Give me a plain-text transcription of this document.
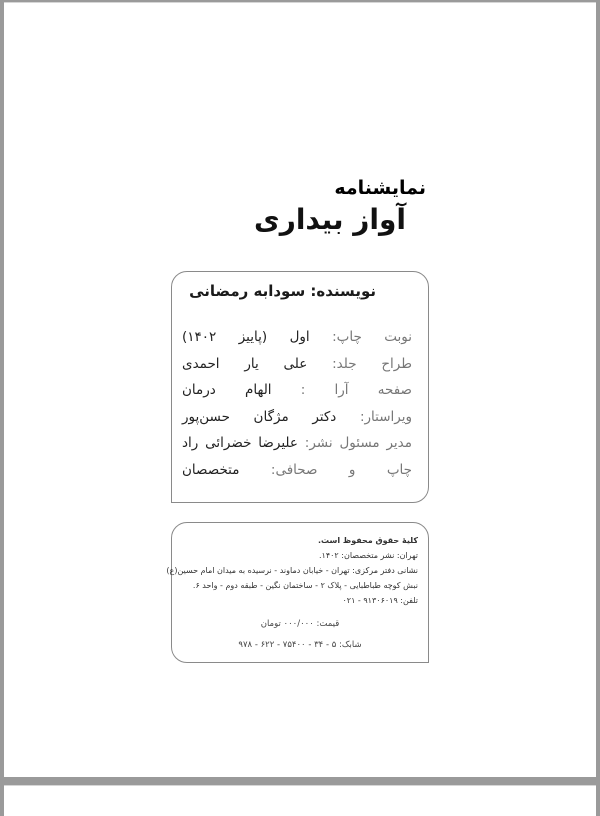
نمایشنامه
آواز بیداری
نویسنده: سودابه رمضانی
نوبت چاپ: اول (پاییز ۱۴۰۲)
طراح جلد: علی یار احمدی
صفحه آرا : الهام درمان
ویراستار: دکتر مژگان حسن‌پور
مدیر مسئول نشر: علیرضا خضرائی راد
چاپ و صحافی: متخصصان
کلیهٔ حقوق محفوظ است.
تهران: نشر متخصصان: ۱۴۰۲.
نشانی دفتر مرکزی: تهران - خیابان دماوند - نرسیده به میدان امام حسین(ع)
نبش کوچه طباطبایی - پلاک ۲ - ساختمان نگین - طبقه دوم - واحد ۶.
تلفن: ۹۱۳۰۶۰۱۹ - ۰۲۱
قیمت: ۰۰۰/۰۰۰ تومان
شابک: ۵ - ۳۴ - ۷۵۴۰۰ - ۶۲۲ - ۹۷۸
